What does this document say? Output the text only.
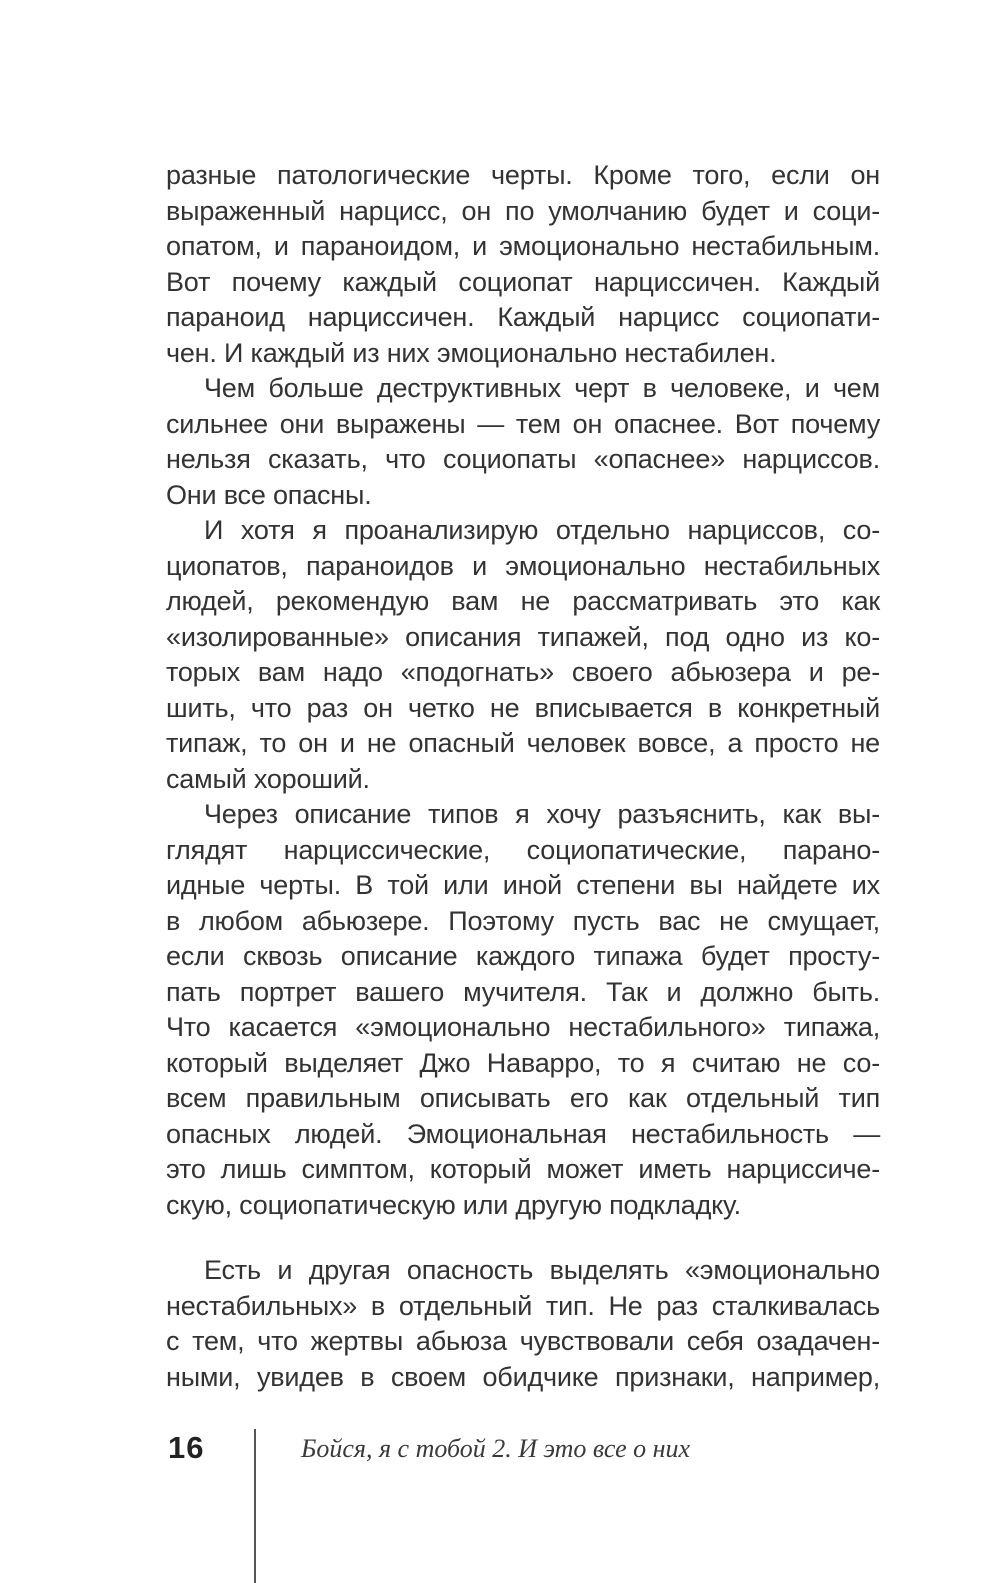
разные патологические черты. Кроме того, если он
выраженный нарцисс, он по умолчанию будет и соци-
опатом, и параноидом, и эмоционально нестабильным.
Вот почему каждый социопат нарциссичен. Каждый
параноид нарциссичен. Каждый нарцисс социопати-
чен. И каждый из них эмоционально нестабилен.
Чем больше деструктивных черт в человеке, и чем
сильнее они выражены — тем он опаснее. Вот почему
нельзя сказать, что социопаты «опаснее» нарциссов.
Они все опасны.
И хотя я проанализирую отдельно нарциссов, со-
циопатов, параноидов и эмоционально нестабильных
людей, рекомендую вам не рассматривать это как
«изолированные» описания типажей, под одно из ко-
торых вам надо «подогнать» своего абьюзера и ре-
шить, что раз он четко не вписывается в конкретный
типаж, то он и не опасный человек вовсе, а просто не
самый хороший.
Через описание типов я хочу разъяснить, как вы-
глядят нарциссические, социопатические, парано-
идные черты. В той или иной степени вы найдете их
в любом абьюзере. Поэтому пусть вас не смущает,
если сквозь описание каждого типажа будет просту-
пать портрет вашего мучителя. Так и должно быть.
Что касается «эмоционально нестабильного» типажа,
который выделяет Джо Наварро, то я считаю не со-
всем правильным описывать его как отдельный тип
опасных людей. Эмоциональная нестабильность —
это лишь симптом, который может иметь нарциссиче-
скую, социопатическую или другую подкладку.
Есть и другая опасность выделять «эмоционально
нестабильных» в отдельный тип. Не раз сталкивалась
с тем, что жертвы абьюза чувствовали себя озадачен-
ными, увидев в своем обидчике признаки, например,
16	Бойся, я с тобой 2. И это все о них
